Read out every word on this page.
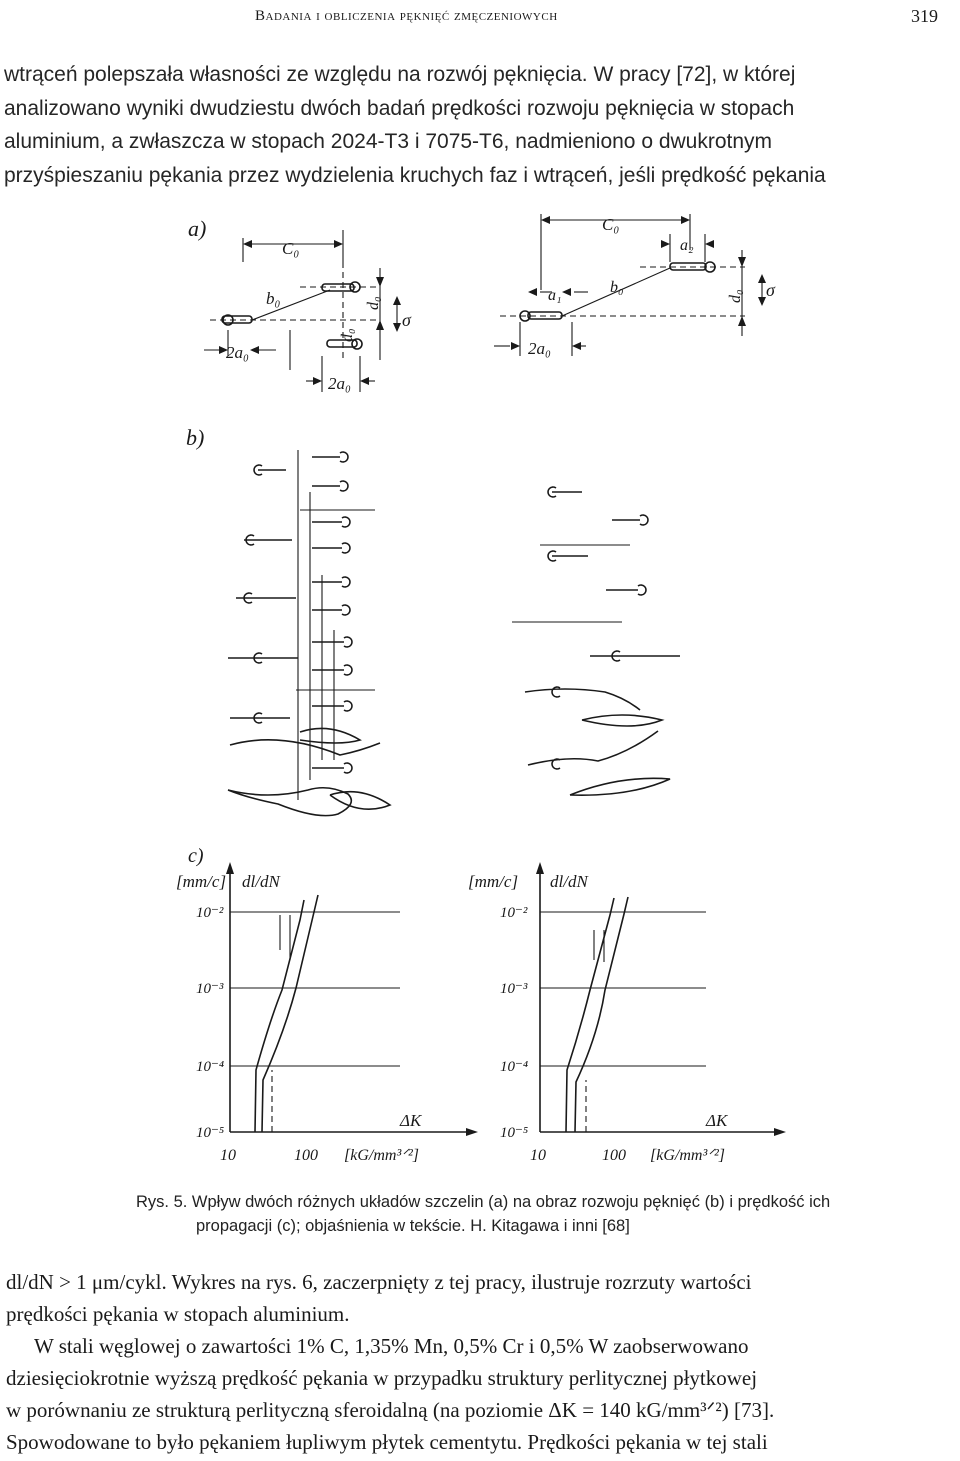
Badania i obliczenia pęknięć zmęczeniowych	319
wtrąceń polepszała własności ze względu na rozwój pęknięcia. W pracy [72], w której
analizowano wyniki dwudziestu dwóch badań prędkości rozwoju pęknięcia w stopach
aluminium, a zwłaszcza w stopach 2024-T3 i 7075-T6, nadmieniono o dwukrotnym
przyśpieszaniu pękania przez wydzielenia kruchych faz i wtrąceń, jeśli prędkość pękania
a)
C₀
b₀
2a₀
2a₀
d₀
d₀
σ
C₀
a₂
b₀
a₁
2a₀
d₀ σ
b)
c)
[mm/c] dl/dN
10⁻²
10⁻³
10⁻⁴
10⁻⁵
10	100
ΔK
[kG/mm³ᐟ²]
[mm/c] dl/dN
10⁻²
10⁻³
10⁻⁴
10⁻⁵
10	100
ΔK
[kG/mm³ᐟ²]
Rys. 5. Wpływ dwóch różnych układów szczelin (a) na obraz rozwoju pęknięć (b) i prędkość ich
propagacji (c); objaśnienia w tekście. H. Kitagawa i inni [68]
dl/dN > 1 μm/cykl. Wykres na rys. 6, zaczerpnięty z tej pracy, ilustruje rozrzuty wartości
prędkości pękania w stopach aluminium.
W stali węglowej o zawartości 1% C, 1,35% Mn, 0,5% Cr i 0,5% W zaobserwowano
dziesięciokrotnie wyższą prędkość pękania w przypadku struktury perlitycznej płytkowej
w porównaniu ze strukturą perlityczną sferoidalną (na poziomie ΔK = 140 kG/mm³ᐟ²) [73].
Spowodowane to było pękaniem łupliwym płytek cementytu. Prędkości pękania w tej stali
